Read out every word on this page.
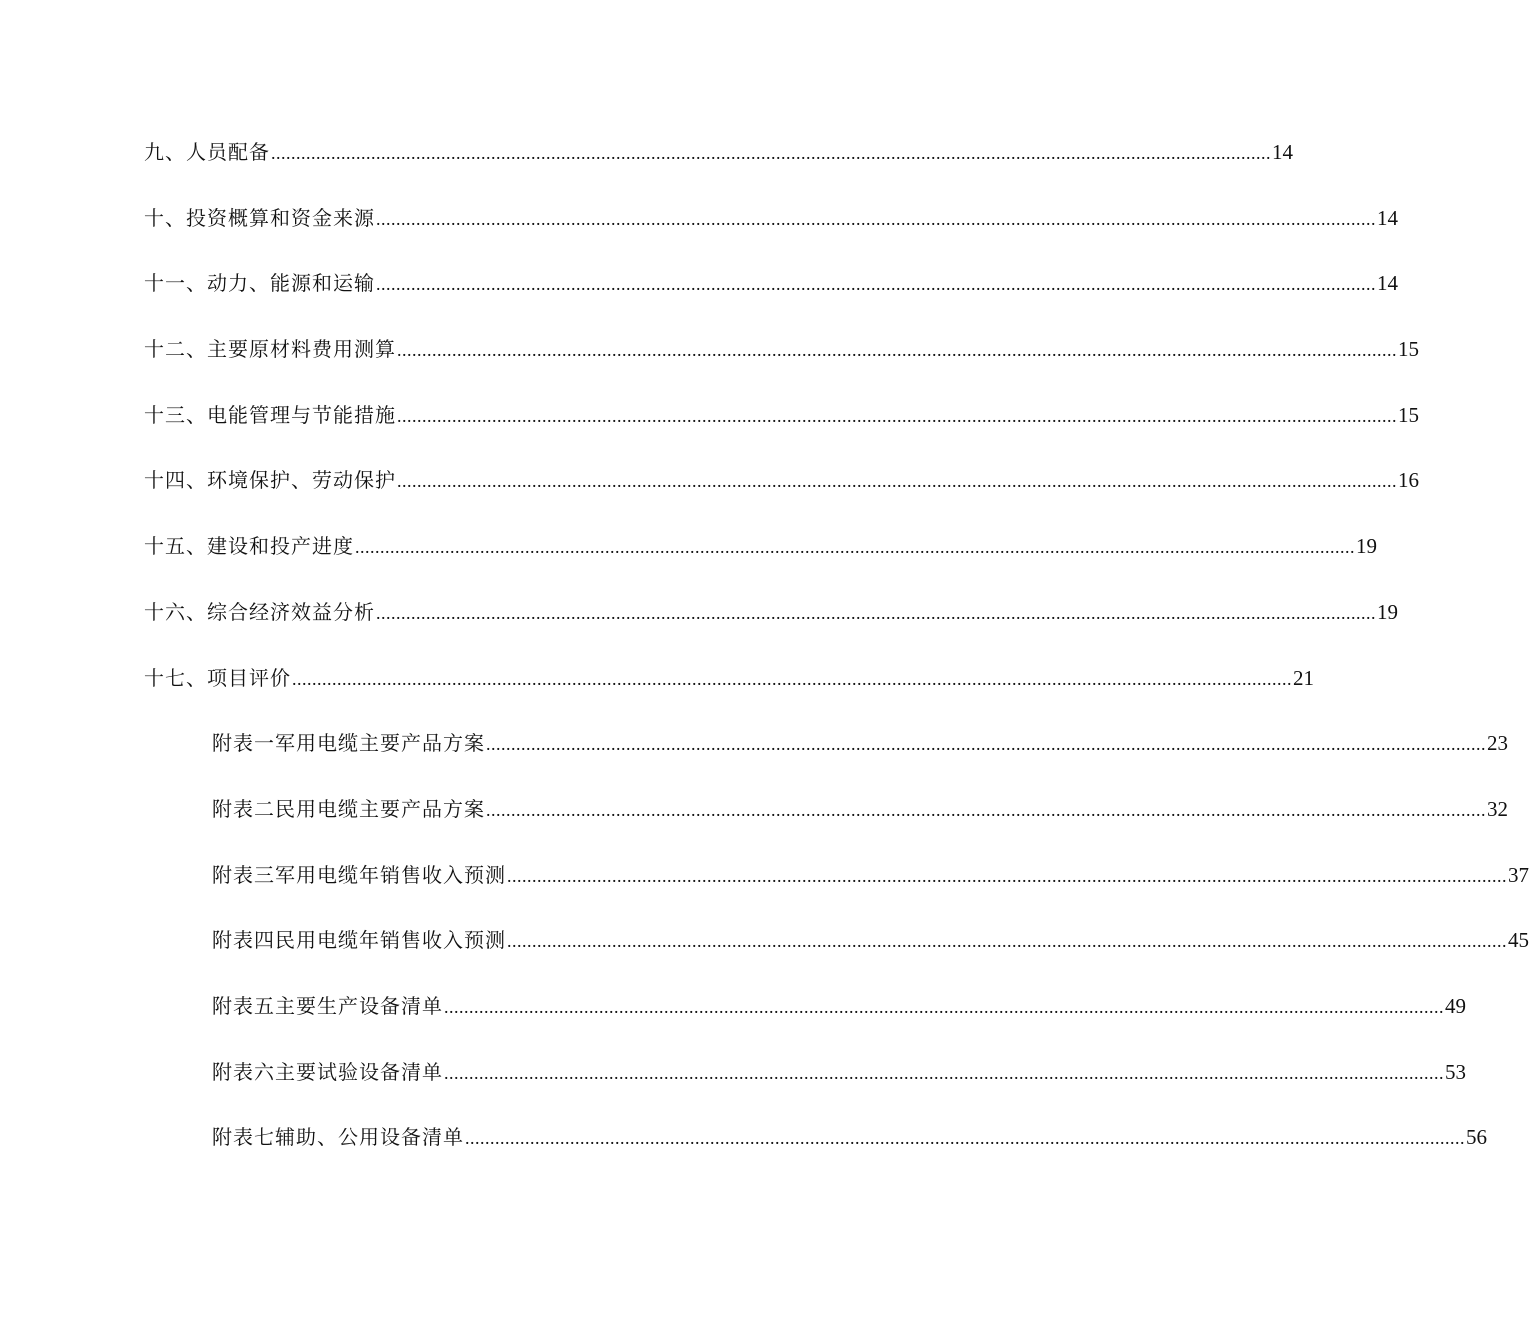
九、人员配备 ........................................................................................................................................................................................................ 14
十、投资概算和资金来源 ........................................................................................................................................................................................................ 14
十一、动力、能源和运输 ........................................................................................................................................................................................................ 14
十二、主要原材料费用测算 ........................................................................................................................................................................................................ 15
十三、电能管理与节能措施 ........................................................................................................................................................................................................ 15
十四、环境保护、劳动保护 ........................................................................................................................................................................................................ 16
十五、建设和投产进度 ........................................................................................................................................................................................................ 19
十六、综合经济效益分析 ........................................................................................................................................................................................................ 19
十七、项目评价 ........................................................................................................................................................................................................ 21
附表一军用电缆主要产品方案 ........................................................................................................................................................................................................ 23
附表二民用电缆主要产品方案 ........................................................................................................................................................................................................ 32
附表三军用电缆年销售收入预测 ........................................................................................................................................................................................................ 37
附表四民用电缆年销售收入预测 ........................................................................................................................................................................................................ 45
附表五主要生产设备清单 ........................................................................................................................................................................................................ 49
附表六主要试验设备清单 ........................................................................................................................................................................................................ 53
附表七辅助、公用设备清单 ........................................................................................................................................................................................................ 56
